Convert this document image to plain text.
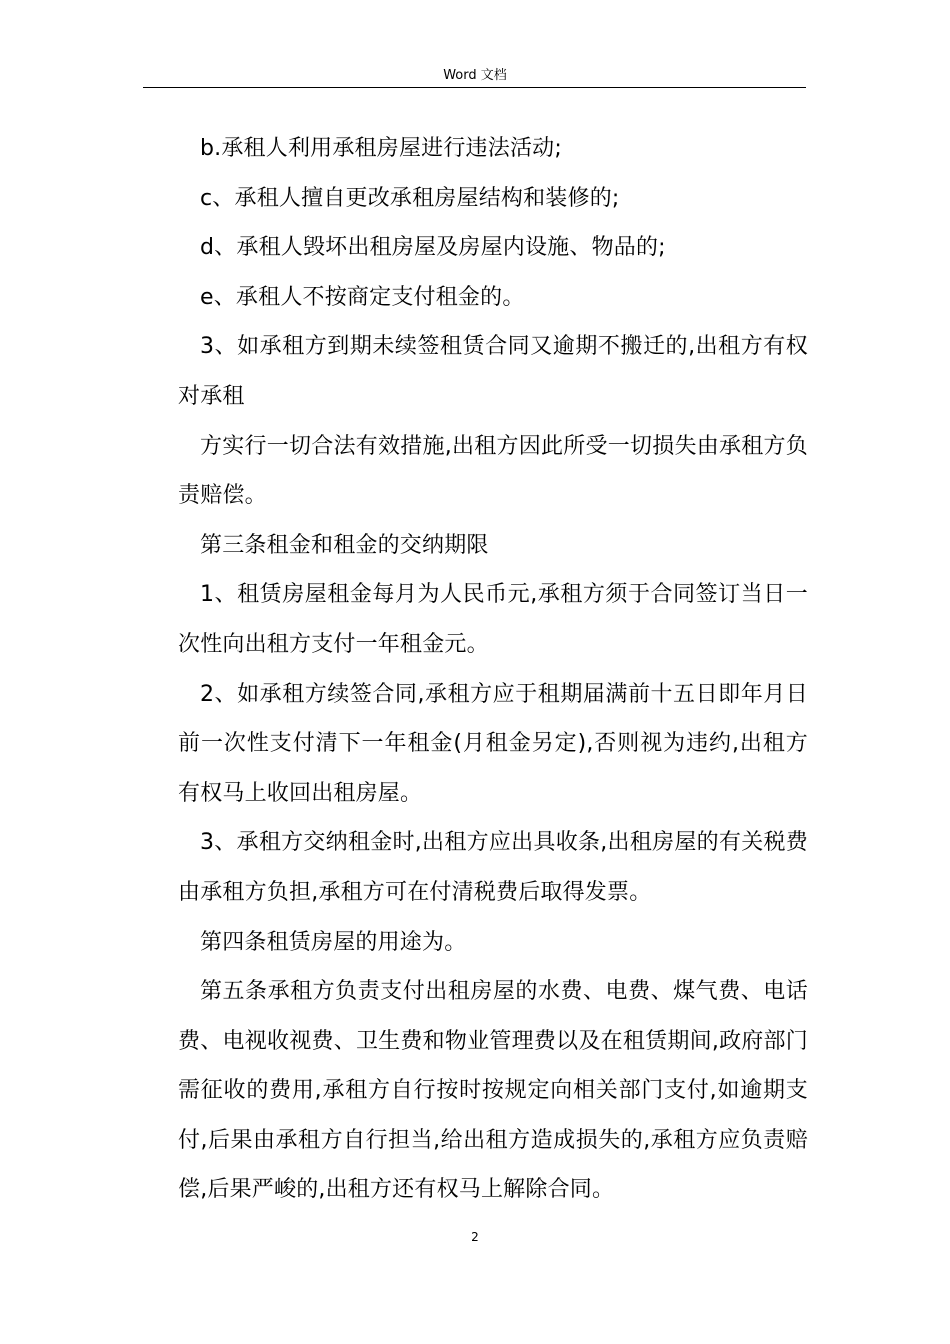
Word 文档

b.承租人利用承租房屋进行违法活动;

c、承租人擅自更改承租房屋结构和装修的;

d、承租人毁坏出租房屋及房屋内设施、物品的;

e、承租人不按商定支付租金的。

3、如承租方到期未续签租赁合同又逾期不搬迁的,出租方有权对承租

方实行一切合法有效措施,出租方因此所受一切损失由承租方负责赔偿。

第三条租金和租金的交纳期限

1、租赁房屋租金每月为人民币元,承租方须于合同签订当日一次性向出租方支付一年租金元。

2、如承租方续签合同,承租方应于租期届满前十五日即年月日前一次性支付清下一年租金(月租金另定),否则视为违约,出租方有权马上收回出租房屋。

3、承租方交纳租金时,出租方应出具收条,出租房屋的有关税费由承租方负担,承租方可在付清税费后取得发票。

第四条租赁房屋的用途为。

第五条承租方负责支付出租房屋的水费、电费、煤气费、电话费、电视收视费、卫生费和物业管理费以及在租赁期间,政府部门需征收的费用,承租方自行按时按规定向相关部门支付,如逾期支付,后果由承租方自行担当,给出租方造成损失的,承租方应负责赔偿,后果严峻的,出租方还有权马上解除合同。

2
